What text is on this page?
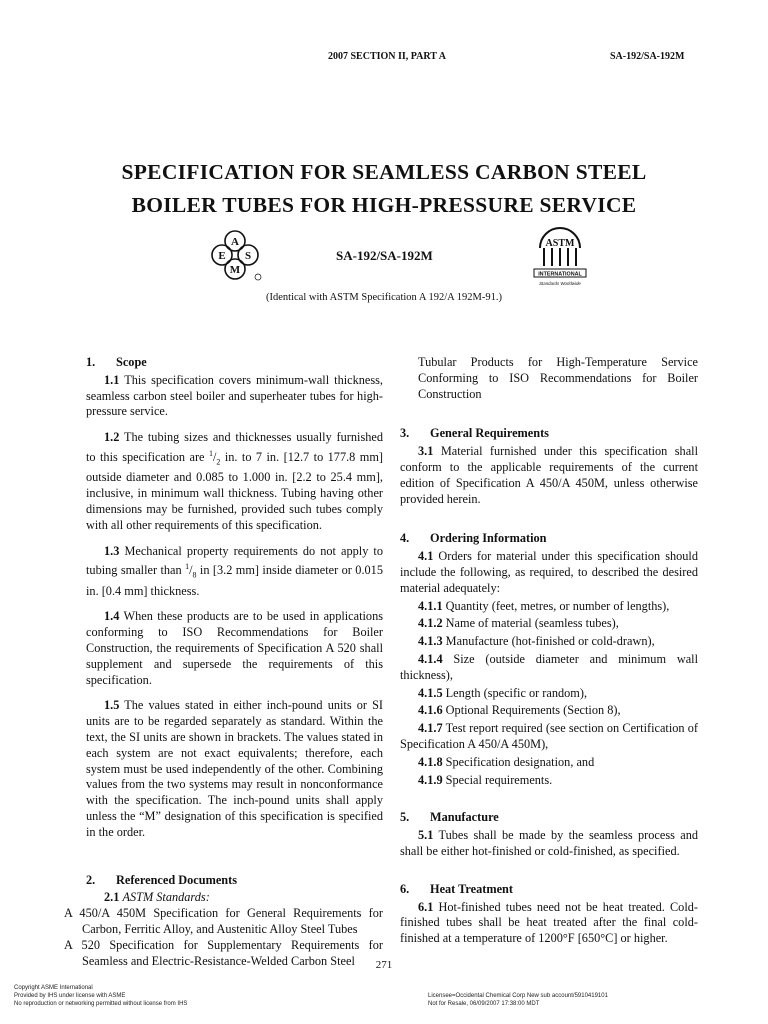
2007 SECTION II, PART A	SA-192/SA-192M
SPECIFICATION FOR SEAMLESS CARBON STEEL
BOILER TUBES FOR HIGH-PRESSURE SERVICE
A
S
M
E	SA-192/SA-192M
ASTM
INTERNATIONAL
Standards Worldwide
(Identical with ASTM Specification A 192/A 192M-91.)

1. Scope

1.1 This specification covers minimum-wall thickness, seamless carbon steel boiler and superheater tubes for high-pressure service.

1.2 The tubing sizes and thicknesses usually furnished to this specification are $^1/_2$ in. to 7 in. [12.7 to 177.8 mm] outside diameter and 0.085 to 1.000 in. [2.2 to 25.4 mm], inclusive, in minimum wall thickness. Tubing having other dimensions may be furnished, provided such tubes comply with all other requirements of this specification.

1.3 Mechanical property requirements do not apply to tubing smaller than $^1/_8$ in [3.2 mm] inside diameter or 0.015 in. [0.4 mm] thickness.

1.4 When these products are to be used in applications conforming to ISO Recommendations for Boiler Construction, the requirements of Specification A 520 shall supplement and supersede the requirements of this specification.

1.5 The values stated in either inch-pound units or SI units are to be regarded separately as standard. Within the text, the SI units are shown in brackets. The values stated in each system are not exact equivalents; therefore, each system must be used independently of the other. Combining values from the two systems may result in nonconformance with the specification. The inch-pound units shall apply unless the “M” designation of this specification is specified in the order.

2. Referenced Documents

2.1 ASTM Standards:

A 450/A 450M Specification for General Requirements for Carbon, Ferritic Alloy, and Austenitic Alloy Steel Tubes

A 520 Specification for Supplementary Requirements for Seamless and Electric-Resistance-Welded Carbon Steel

Tubular Products for High-Temperature Service Conforming to ISO Recommendations for Boiler Construction

3. General Requirements

3.1 Material furnished under this specification shall conform to the applicable requirements of the current edition of Specification A 450/A 450M, unless otherwise provided herein.

4. Ordering Information

4.1 Orders for material under this specification should include the following, as required, to described the desired material adequately:

4.1.1 Quantity (feet, metres, or number of lengths),

4.1.2 Name of material (seamless tubes),

4.1.3 Manufacture (hot-finished or cold-drawn),

4.1.4 Size (outside diameter and minimum wall thickness),

4.1.5 Length (specific or random),

4.1.6 Optional Requirements (Section 8),

4.1.7 Test report required (see section on Certification of Specification A 450/A 450M),

4.1.8 Specification designation, and

4.1.9 Special requirements.

5. Manufacture

5.1 Tubes shall be made by the seamless process and shall be either hot-finished or cold-finished, as specified.

6. Heat Treatment

6.1 Hot-finished tubes need not be heat treated. Cold-finished tubes shall be heat treated after the final cold-finished at a temperature of 1200°F [650°C] or higher.

271
Copyright ASME International
Provided by IHS under license with ASME
No reproduction or networking permitted without license from IHS
Licensee=Occidental Chemical Corp New sub account/5910419101
Not for Resale, 06/09/2007 17:38:00 MDT
